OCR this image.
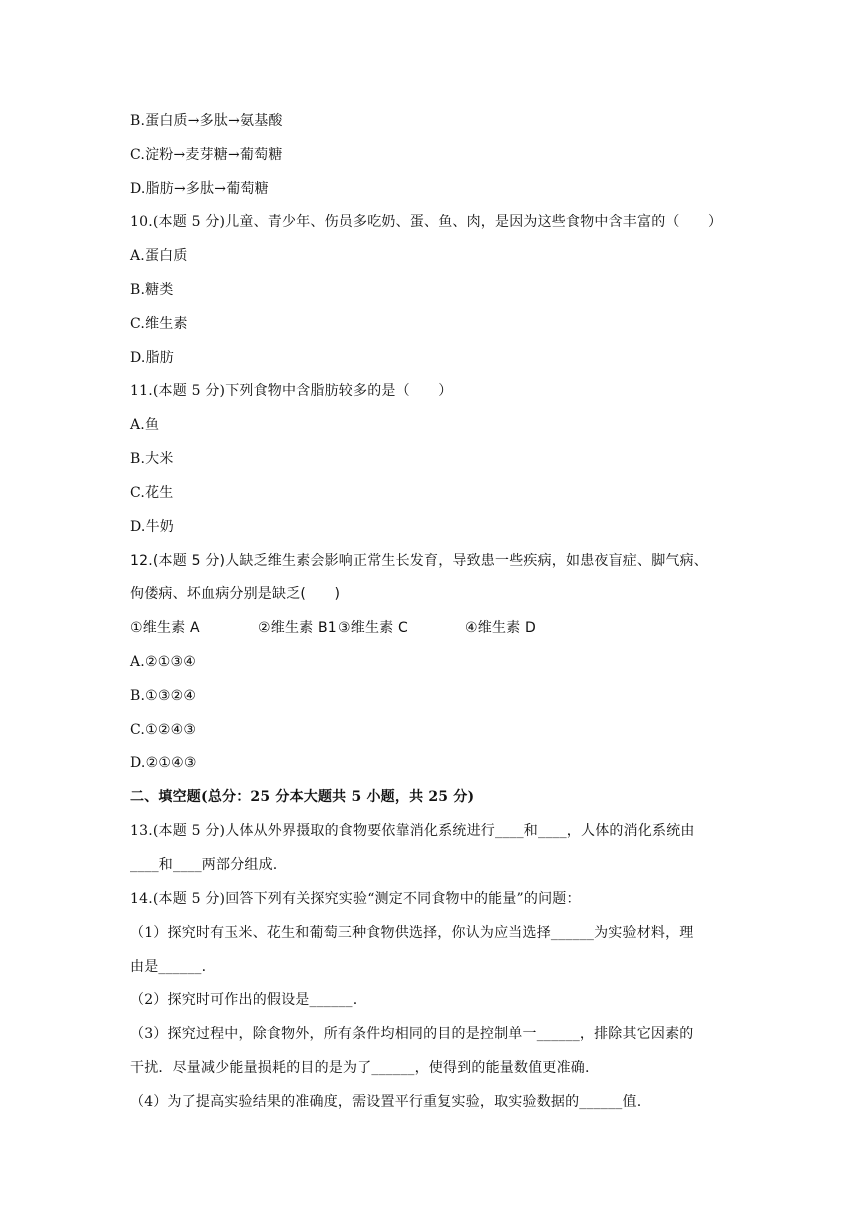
B.蛋白质→多肽→氨基酸
C.淀粉→麦芽糖→葡萄糖
D.脂肪→多肽→葡萄糖
10.(本题 5 分)儿童、青少年、伤员多吃奶、蛋、鱼、肉，是因为这些食物中含丰富的（　　）
A.蛋白质
B.糖类
C.维生素
D.脂肪
11.(本题 5 分)下列食物中含脂肪较多的是（　　）
A.鱼
B.大米
C.花生
D.牛奶
12.(本题 5 分)人缺乏维生素会影响正常生长发育，导致患一些疾病，如患夜盲症、脚气病、
佝偻病、坏血病分别是缺乏(　　)
①维生素 A	②维生素 B1 ③维生素 C	④维生素 D
A.②①③④
B.①③②④
C.①②④③
D.②①④③
二、填空题(总分：25 分本大题共 5 小题，共 25 分)
13.(本题 5 分)人体从外界摄取的食物要依靠消化系统进行____和____，人体的消化系统由
____和____两部分组成.
14.(本题 5 分)回答下列有关探究实验“测定不同食物中的能量”的问题：
（1）探究时有玉米、花生和葡萄三种食物供选择，你认为应当选择______为实验材料，理
由是______.
（2）探究时可作出的假设是______.
（3）探究过程中，除食物外，所有条件均相同的目的是控制单一______，排除其它因素的
干扰．尽量减少能量损耗的目的是为了______，使得到的能量数值更准确.
（4）为了提高实验结果的准确度，需设置平行重复实验，取实验数据的______值.
